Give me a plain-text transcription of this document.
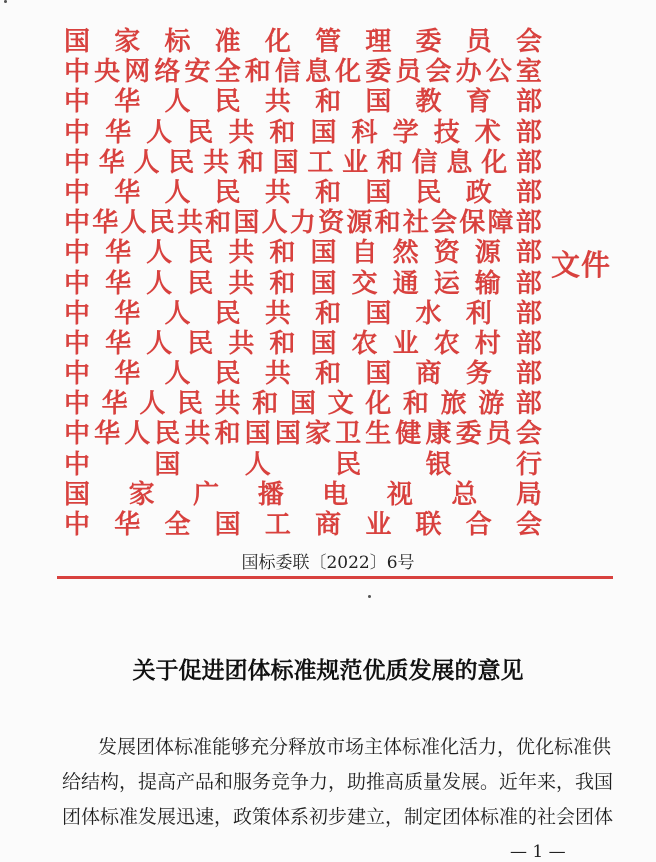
国 家 标 准 化 管 理 委 员 会
中 央 网 络 安 全 和 信 息 化 委 员 会 办 公 室
中 华 人 民 共 和 国 教 育 部
中 华 人 民 共 和 国 科 学 技 术 部
中 华 人 民 共 和 国 工 业 和 信 息 化 部
中 华 人 民 共 和 国 民 政 部
中 华 人 民 共 和 国 人 力 资 源 和 社 会 保 障 部
中 华 人 民 共 和 国 自 然 资 源 部
中 华 人 民 共 和 国 交 通 运 输 部
中 华 人 民 共 和 国 水 利 部
中 华 人 民 共 和 国 农 业 农 村 部
中 华 人 民 共 和 国 商 务 部
中 华 人 民 共 和 国 文 化 和 旅 游 部
中 华 人 民 共 和 国 国 家 卫 生 健 康 委 员 会
中 国 人 民 银 行
国 家 广 播 电 视 总 局
中 华 全 国 工 商 业 联 合 会
文件
国标委联〔2022〕6号
关于促进团体标准规范优质发展的意见
发展团体标准能够充分释放市场主体标准化活力，优化标准供
给结构，提高产品和服务竞争力，助推高质量发展。近年来，我国
团体标准发展迅速，政策体系初步建立，制定团体标准的社会团体
— 1 —
